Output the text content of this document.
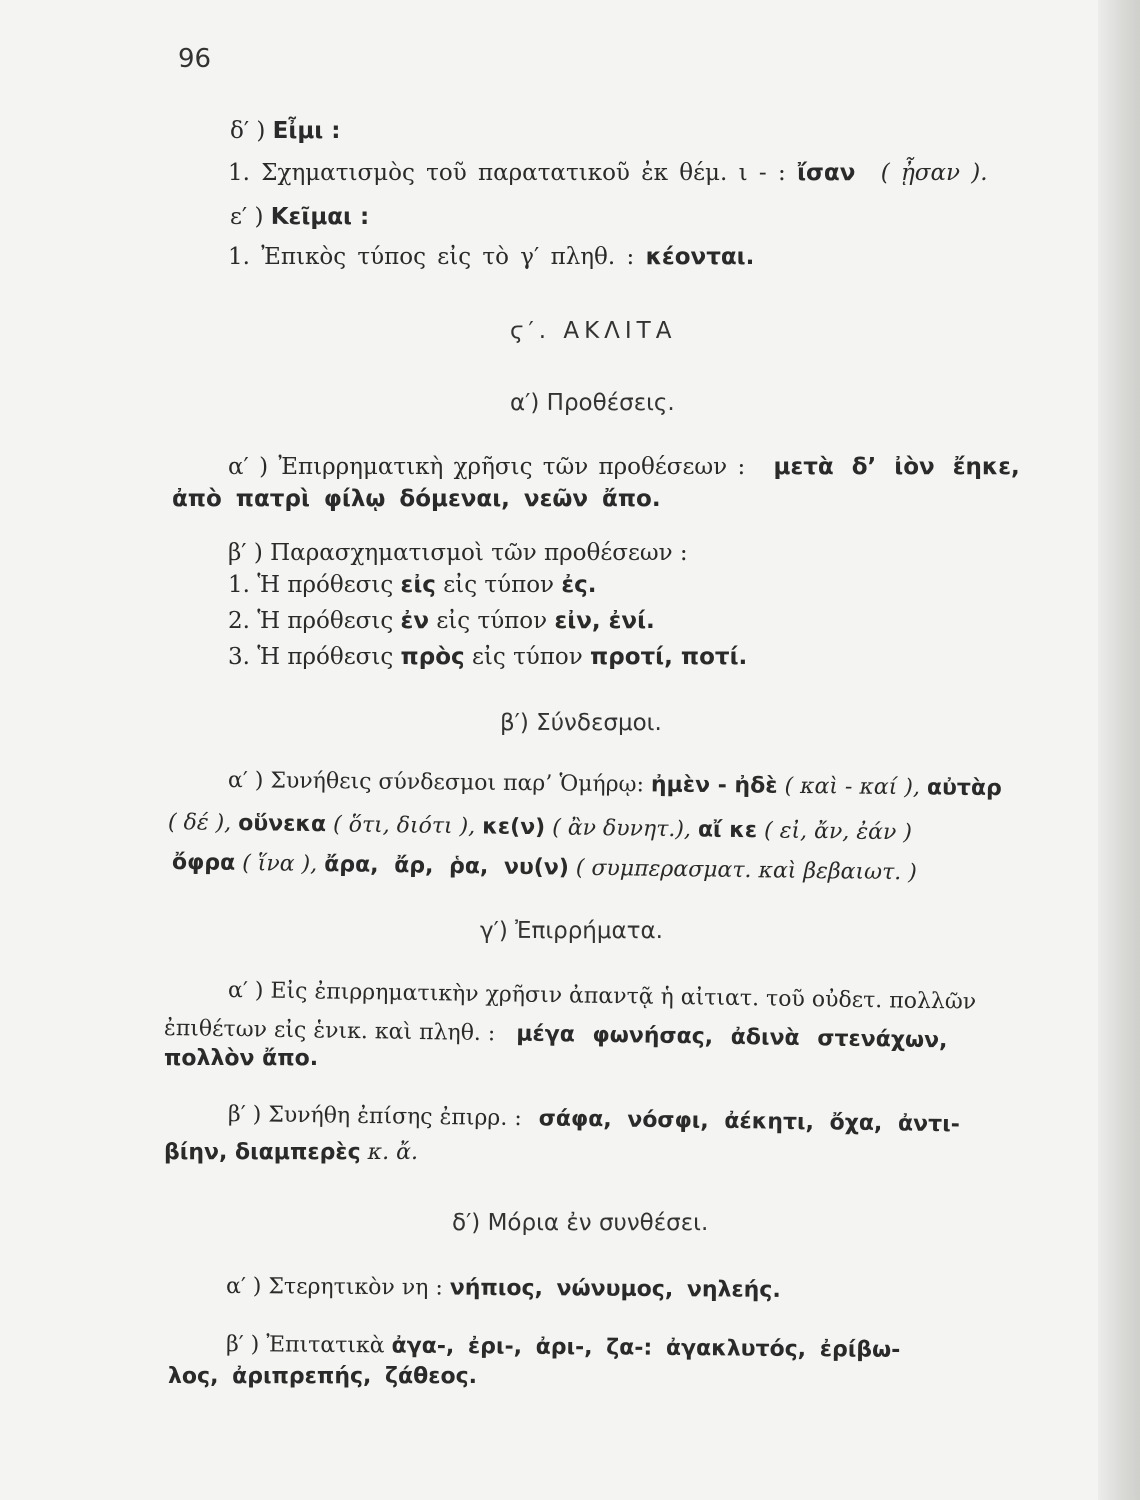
96
δ′ ) Εἶμι :
1. Σχηματισμὸς τοῦ παρατατικοῦ ἐκ θέμ. ι - : ἴσαν ( ᾖσαν ).
ε′ ) Κεῖμαι :
1. Ἐπικὸς τύπος εἰς τὸ γ′ πληθ. : κέονται.
ϛ′. ΑΚΛΙΤΑ
α′) Προθέσεις.
α′ ) Ἐπιρρηματικὴ χρῆσις τῶν προθέσεων : μετὰ δ’ ἰὸν ἔηκε,
ἀπὸ πατρὶ φίλῳ δόμεναι, νεῶν ἄπο.
β′ ) Παρασχηματισμοὶ τῶν προθέσεων :
1. Ἡ πρόθεσις εἰς εἰς τύπον ἐς.
2. Ἡ πρόθεσις ἐν εἰς τύπον εἰν, ἐνί.
3. Ἡ πρόθεσις πρὸς εἰς τύπον προτί, ποτί.
β′) Σύνδεσμοι.
α′ ) Συνήθεις σύνδεσμοι παρ’ Ὁμήρῳ: ἠμὲν - ἠδὲ ( καὶ - καί ), αὐτὰρ
( δέ ), οὕνεκα ( ὅτι, διότι ), κε(ν) ( ἂν δυνητ.), αἴ κε ( εἰ, ἄν, ἐάν )
ὄφρα ( ἵνα ), ἄρα, ἄρ, ῥα, νυ(ν) ( συμπερασματ. καὶ βεβαιωτ. )
γ′) Ἐπιρρήματα.
α′ ) Εἰς ἐπιρρηματικὴν χρῆσιν ἀπαντᾷ ἡ αἰτιατ. τοῦ οὐδετ. πολλῶν
ἐπιθέτων εἰς ἑνικ. καὶ πληθ. : μέγα φωνήσας, ἀδινὰ στενάχων,
πολλὸν ἄπο.
β′ ) Συνήθη ἐπίσης ἐπιρρ. : σάφα, νόσφι, ἀέκητι, ὄχα, ἀντι-
βίην, διαμπερὲς κ. ἄ.
δ′) Μόρια ἐν συνθέσει.
α′ ) Στερητικὸν νη : νήπιος, νώνυμος, νηλεής.
β′ ) Ἐπιτατικὰ ἀγα-, ἐρι-, ἀρι-, ζα-: ἀγακλυτός, ἐρίβω-
λος, ἀριπρεπής, ζάθεος.
